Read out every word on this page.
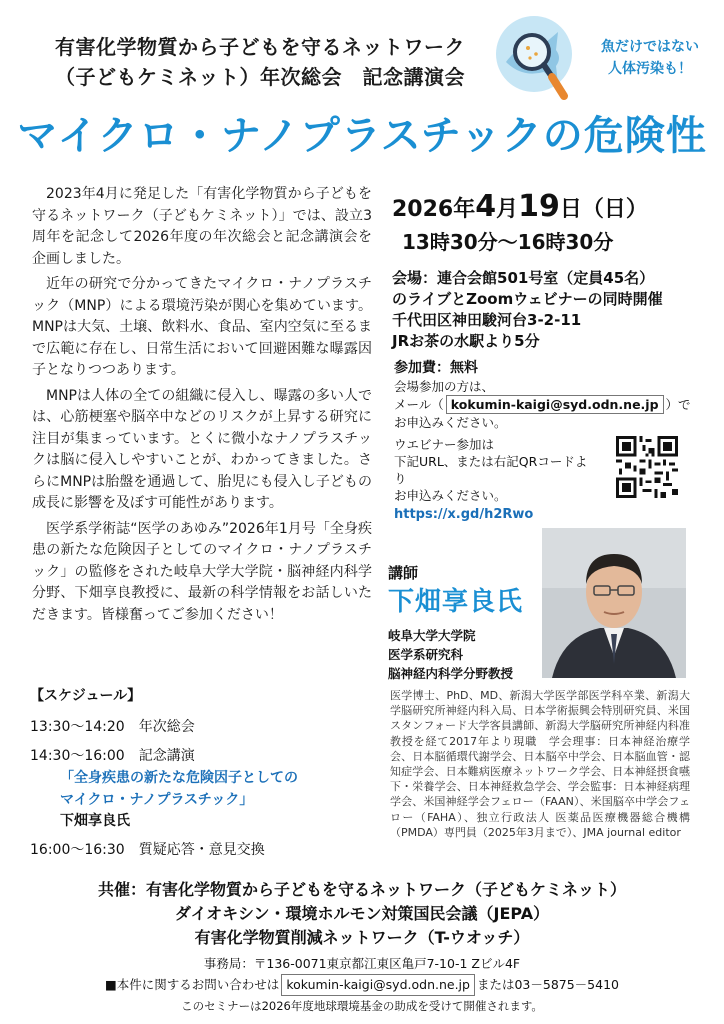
有害化学物質から子どもを守るネットワーク
（子どもケミネット）年次総会　記念講演会
魚だけではない
人体汚染も！
マイクロ・ナノプラスチックの危険性

2023年4月に発足した「有害化学物質から子どもを守るネットワーク（子どもケミネット）」では、設立3周年を記念して2026年度の年次総会と記念講演会を企画しました。

近年の研究で分かってきたマイクロ・ナノプラスチック（MNP）による環境汚染が関心を集めています。MNPは大気、土壌、飲料水、食品、室内空気に至るまで広範に存在し、日常生活において回避困難な曝露因子となりつつあります。

MNPは人体の全ての組織に侵入し、曝露の多い人では、心筋梗塞や脳卒中などのリスクが上昇する研究に注目が集まっています。とくに微小なナノプラスチックは脳に侵入しやすいことが、わかってきました。さらにMNPは胎盤を通過して、胎児にも侵入し子どもの成長に影響を及ぼす可能性があります。

医学系学術誌“医学のあゆみ”2026年1月号「全身疾患の新たな危険因子としてのマイクロ・ナノプラスチック」の監修をされた岐阜大学大学院・脳神経内科学分野、下畑享良教授に、最新の科学情報をお話しいただきます。皆様奮ってご参加ください！

2026年4月19日（日）
13時30分～16時30分
会場：連合会館501号室（定員45名）
のライブとZoomウェビナーの同時開催
千代田区神田駿河台3-2-11
JRお茶の水駅より5分
参加費：無料
会場参加の方は、
メール（ kokumin-kaigi@syd.odn.ne.jp ）で
お申込みください。
ウエビナー参加は
下記URL、または右記QRコードより
お申込みください。
https://x.gd/h2Rwo
講師
下畑享良氏
岐阜大学大学院
医学系研究科
脳神経内科学分野教授
医学博士、PhD、MD、新潟大学医学部医学科卒業、新潟大学脳研究所神経内科入局、日本学術振興会特別研究員、米国スタンフォード大学客員講師、新潟大学脳研究所神経内科准教授を経て2017年より現職　学会理事：日本神経治療学会、日本脳循環代謝学会、日本脳卒中学会、日本脳血管・認知症学会、日本難病医療ネットワーク学会、日本神経摂食嚥下・栄養学会、日本神経救急学会、学会監事：日本神経病理学会、米国神経学会フェロー（FAAN）、米国脳卒中学会フェロー（FAHA）、独立行政法人 医薬品医療機器総合機構（PMDA）専門員（2025年3月まで）、JMA journal editor
【スケジュール】
13:30～14:20　年次総会
14:30～16:00　記念講演
「全身疾患の新たな危険因子としての
マイクロ・ナノプラスチック」
下畑享良氏
16:00～16:30　質疑応答・意見交換
共催：有害化学物質から子どもを守るネットワーク（子どもケミネット）
ダイオキシン・環境ホルモン対策国民会議（JEPA）
有害化学物質削減ネットワーク（T-ウオッチ）
事務局：〒136-0071東京都江東区亀戸7-10-1 Zビル4F
■本件に関するお問い合わせは kokumin-kaigi@syd.odn.ne.jp または03－5875－5410
このセミナーは2026年度地球環境基金の助成を受けて開催されます。
